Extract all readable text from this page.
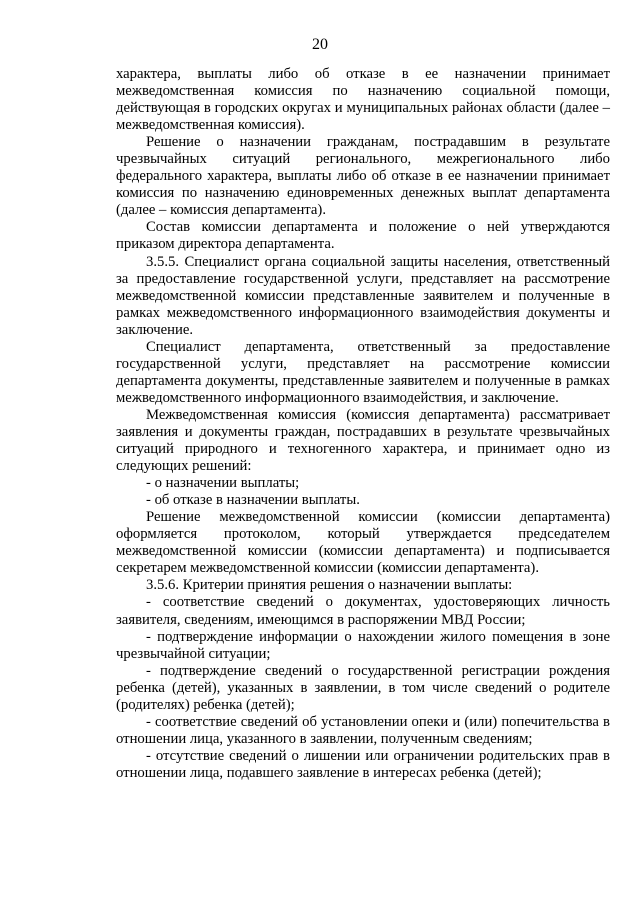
20

характера, выплаты либо об отказе в ее назначении принимает межведомственная комиссия по назначению социальной помощи, действующая в городских округах и муниципальных районах области (далее – межведомственная комиссия).

Решение о назначении гражданам, пострадавшим в результате чрезвычайных ситуаций регионального, межрегионального либо федерального характера, выплаты либо об отказе в ее назначении принимает комиссия по назначению единовременных денежных выплат департамента (далее – комиссия департамента).

Состав комиссии департамента и положение о ней утверждаются приказом директора департамента.

3.5.5. Специалист органа социальной защиты населения, ответственный за предоставление государственной услуги, представляет на рассмотрение межведомственной комиссии представленные заявителем и полученные в рамках межведомственного информационного взаимодействия документы и заключение.

Специалист департамента, ответственный за предоставление государственной услуги, представляет на рассмотрение комиссии департамента документы, представленные заявителем и полученные в рамках межведомственного информационного взаимодействия, и заключение.

Межведомственная комиссия (комиссия департамента) рассматривает заявления и документы граждан, пострадавших в результате чрезвычайных ситуаций природного и техногенного характера, и принимает одно из следующих решений:

- о назначении выплаты;

- об отказе в назначении выплаты.

Решение межведомственной комиссии (комиссии департамента) оформляется протоколом, который утверждается председателем межведомственной комиссии (комиссии департамента) и подписывается секретарем межведомственной комиссии (комиссии департамента).

3.5.6. Критерии принятия решения о назначении выплаты:

- соответствие сведений о документах, удостоверяющих личность заявителя, сведениям, имеющимся в распоряжении МВД России;

- подтверждение информации о нахождении жилого помещения в зоне чрезвычайной ситуации;

- подтверждение сведений о государственной регистрации рождения ребенка (детей), указанных в заявлении, в том числе сведений о родителе (родителях) ребенка (детей);

- соответствие сведений об установлении опеки и (или) попечительства в отношении лица, указанного в заявлении, полученным сведениям;

- отсутствие сведений о лишении или ограничении родительских прав в отношении лица, подавшего заявление в интересах ребенка (детей);
